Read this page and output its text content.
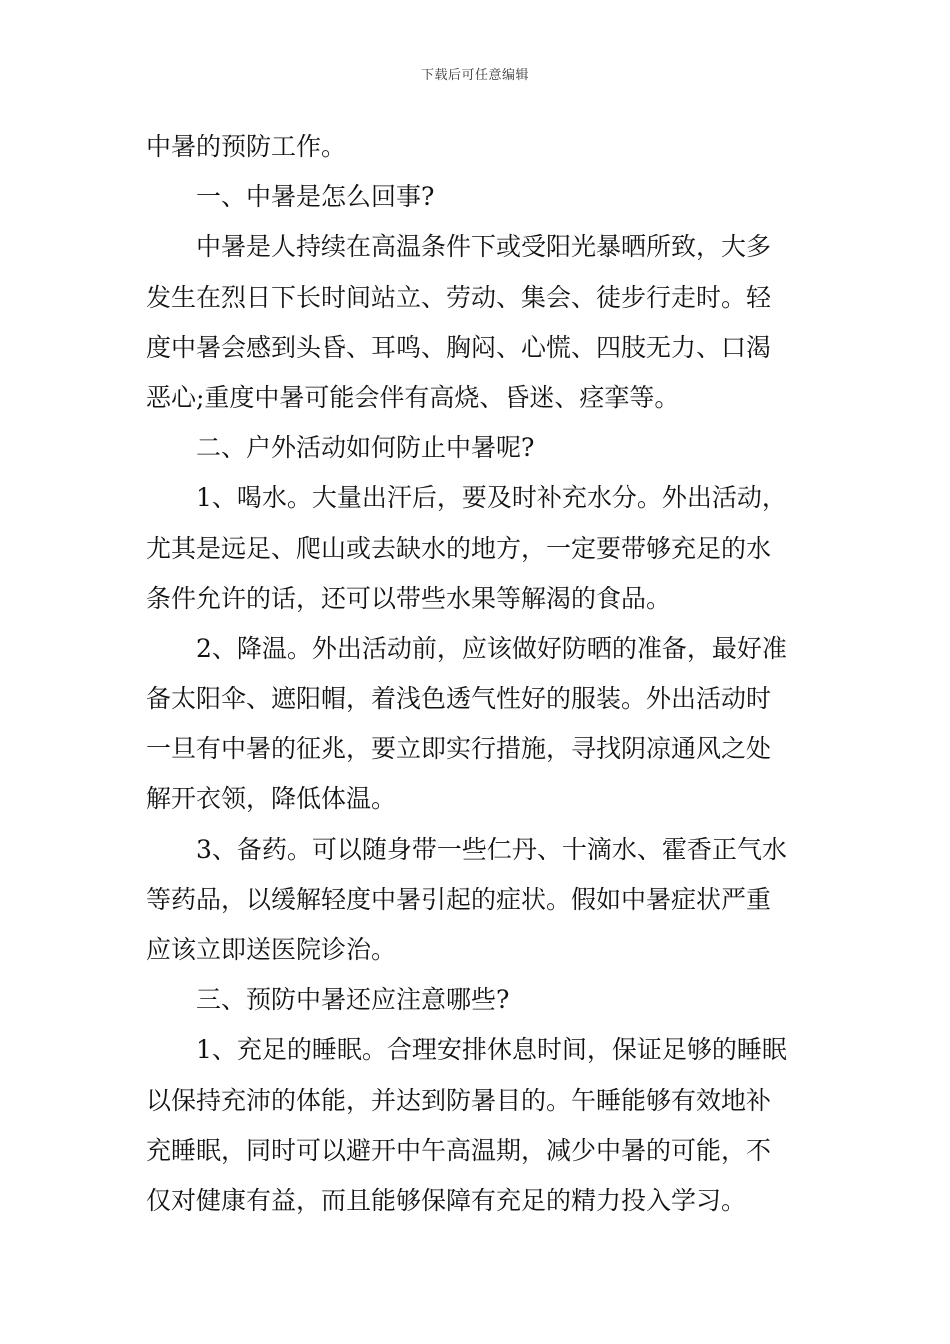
下载后可任意编辑
中暑的预防工作。
一、中暑是怎么回事?
中暑是人持续在高温条件下或受阳光暴晒所致，大多
发生在烈日下长时间站立、劳动、集会、徒步行走时。轻
度中暑会感到头昏、耳鸣、胸闷、心慌、四肢无力、口渴
恶心;重度中暑可能会伴有高烧、昏迷、痉挛等。
二、户外活动如何防止中暑呢?
1、喝水。大量出汗后，要及时补充水分。外出活动，
尤其是远足、爬山或去缺水的地方，一定要带够充足的水
条件允许的话，还可以带些水果等解渴的食品。
2、降温。外出活动前，应该做好防晒的准备，最好准
备太阳伞、遮阳帽，着浅色透气性好的服装。外出活动时
一旦有中暑的征兆，要立即实行措施，寻找阴凉通风之处
解开衣领，降低体温。
3、备药。可以随身带一些仁丹、十滴水、霍香正气水
等药品，以缓解轻度中暑引起的症状。假如中暑症状严重
应该立即送医院诊治。
三、预防中暑还应注意哪些?
1、充足的睡眠。合理安排休息时间，保证足够的睡眠
以保持充沛的体能，并达到防暑目的。午睡能够有效地补
充睡眠，同时可以避开中午高温期，减少中暑的可能，不
仅对健康有益，而且能够保障有充足的精力投入学习。
